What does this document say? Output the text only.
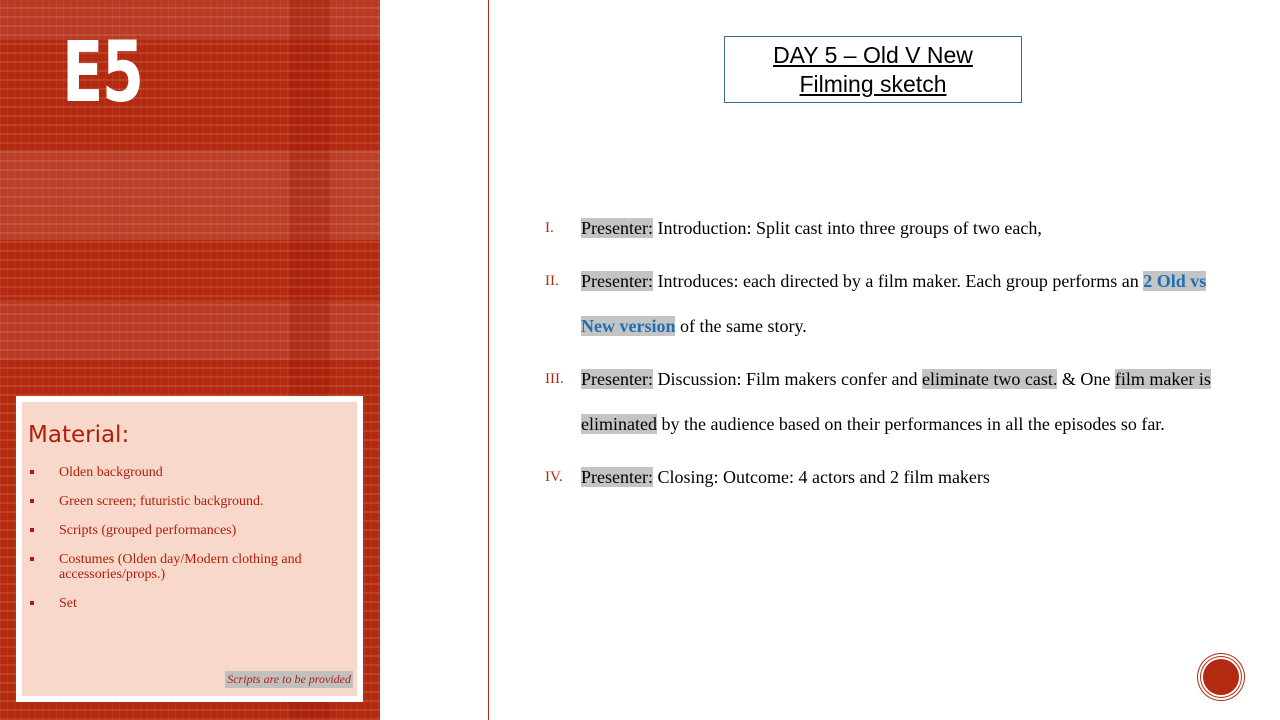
E5
Material:
Olden background
Green screen; futuristic background.
Scripts (grouped performances)
Costumes (Olden day/Modern clothing and accessories/props.)
Set
Scripts are to be provided
DAY 5 – Old V New
Filming sketch
I. Presenter: Introduction: Split cast into three groups of two each,
II. Presenter: Introduces: each directed by a film maker. Each group performs an 2 Old vs New version of the same story.
III. Presenter: Discussion: Film makers confer and eliminate two cast. & One film maker is eliminated by the audience based on their performances in all the episodes so far.
IV. Presenter: Closing: Outcome: 4 actors and 2 film makers
